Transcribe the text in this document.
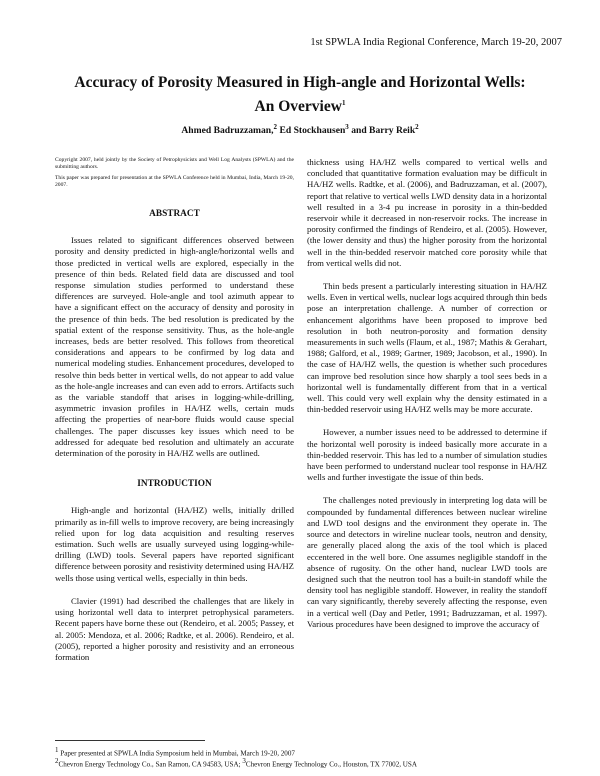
1st SPWLA India Regional Conference, March 19-20, 2007
Accuracy of Porosity Measured in High-angle and Horizontal Wells:
An Overview$^1$
Ahmed Badruzzaman,$^2$ Ed Stockhausen$^3$ and Barry Reik$^2$
Copyright 2007, held jointly by the Society of Petrophysicists and Well Log Analysts (SPWLA) and the submitting authors.
This paper was prepared for presentation at the SPWLA Conference held in Mumbai, India, March 19-20, 2007.
ABSTRACT

Issues related to significant differences observed between porosity and density predicted in high-angle/horizontal wells and those predicted in vertical wells are explored, especially in the presence of thin beds. Related field data are discussed and tool response simulation studies performed to understand these differences are surveyed. Hole-angle and tool azimuth appear to have a significant effect on the accuracy of density and porosity in the presence of thin beds. The bed resolution is predicated by the spatial extent of the response sensitivity. Thus, as the hole-angle increases, beds are better resolved. This follows from theoretical considerations and appears to be confirmed by log data and numerical modeling studies. Enhancement procedures, developed to resolve thin beds better in vertical wells, do not appear to add value as the hole-angle increases and can even add to errors. Artifacts such as the variable standoff that arises in logging-while-drilling, asymmetric invasion profiles in HA/HZ wells, certain muds affecting the properties of near-bore fluids would cause special challenges. The paper discusses key issues which need to be addressed for adequate bed resolution and ultimately an accurate determination of the porosity in HA/HZ wells are outlined.

INTRODUCTION

High-angle and horizontal (HA/HZ) wells, initially drilled primarily as in-fill wells to improve recovery, are being increasingly relied upon for log data acquisition and resulting reserves estimation. Such wells are usually surveyed using logging-while-drilling (LWD) tools. Several papers have reported significant difference between porosity and resistivity determined using HA/HZ wells those using vertical wells, especially in thin beds.

Clavier (1991) had described the challenges that are likely in using horizontal well data to interpret petrophysical parameters. Recent papers have borne these out (Rendeiro, et al. 2005; Passey, et al. 2005: Mendoza, et al. 2006; Radtke, et al. 2006). Rendeiro, et al. (2005), reported a higher porosity and resistivity and an erroneous formation

thickness using HA/HZ wells compared to vertical wells and concluded that quantitative formation evaluation may be difficult in HA/HZ wells. Radtke, et al. (2006), and Badruzzaman, et al. (2007), report that relative to vertical wells LWD density data in a horizontal well resulted in a 3-4 pu increase in porosity in a thin-bedded reservoir while it decreased in non-reservoir rocks. The increase in porosity confirmed the findings of Rendeiro, et al. (2005). However, (the lower density and thus) the higher porosity from the horizontal well in the thin-bedded reservoir matched core porosity while that from vertical wells did not.

Thin beds present a particularly interesting situation in HA/HZ wells. Even in vertical wells, nuclear logs acquired through thin beds pose an interpretation challenge. A number of correction or enhancement algorithms have been proposed to improve bed resolution in both neutron-porosity and formation density measurements in such wells (Flaum, et al., 1987; Mathis & Gerahart, 1988; Galford, et al., 1989; Gartner, 1989; Jacobson, et al., 1990). In the case of HA/HZ wells, the question is whether such procedures can improve bed resolution since how sharply a tool sees beds in a horizontal well is fundamentally different from that in a vertical well. This could very well explain why the density estimated in a thin-bedded reservoir using HA/HZ wells may be more accurate.

However, a number issues need to be addressed to determine if the horizontal well porosity is indeed basically more accurate in a thin-bedded reservoir. This has led to a number of simulation studies have been performed to understand nuclear tool response in HA/HZ wells and further investigate the issue of thin beds.

The challenges noted previously in interpreting log data will be compounded by fundamental differences between nuclear wireline and LWD tool designs and the environment they operate in. The source and detectors in wireline nuclear tools, neutron and density, are generally placed along the axis of the tool which is placed eccentered in the well bore. One assumes negligible standoff in the absence of rugosity. On the other hand, nuclear LWD tools are designed such that the neutron tool has a built-in standoff while the density tool has negligible standoff. However, in reality the standoff can vary significantly, thereby severely affecting the response, even in a vertical well (Day and Petler, 1991; Badruzzaman, et al. 1997). Various procedures have been designed to improve the accuracy of

$^1$ Paper presented at SPWLA India Symposium held in Mumbai, March 19-20, 2007
$^2$Chevron Energy Technology Co., San Ramon, CA 94583, USA; $^3$Chevron Energy Technology Co., Houston, TX 77002, USA
